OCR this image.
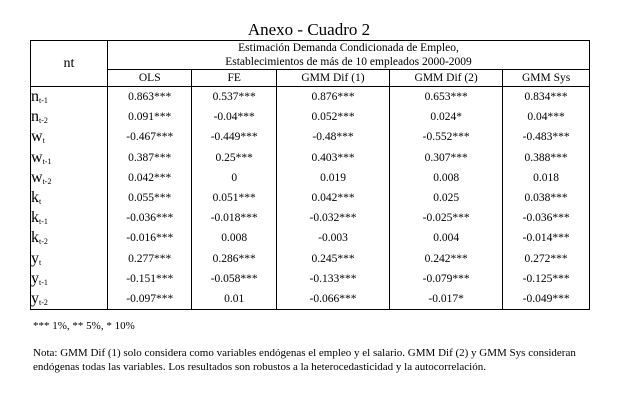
Anexo - Cuadro 2
nt	Estimación Demanda Condicionada de Empleo,
Establecimientos de más de 10 empleados 2000-2009				
	OLS	FE	GMM Dif (1)	GMM Dif (2)	GMM Sys
$n_{t-1}$	0.863***	0.537***	0.876***	0.653***	0.834***
$n_{t-2}$	0.091***	-0.04***	0.052***	0.024*	0.04***
$w_t$	-0.467***	-0.449***	-0.48***	-0.552***	-0.483***
$w_{t-1}$	0.387***	0.25***	0.403***	0.307***	0.388***
$w_{t-2}$	0.042***	0	0.019	0.008	0.018
$k_t$	0.055***	0.051***	0.042***	0.025	0.038***
$k_{t-1}$	-0.036***	-0.018***	-0.032***	-0.025***	-0.036***
$k_{t-2}$	-0.016***	0.008	-0.003	0.004	-0.014***
$y_t$	0.277***	0.286***	0.245***	0.242***	0.272***
$y_{t-1}$	-0.151***	-0.058***	-0.133***	-0.079***	-0.125***
$y_{t-2}$	-0.097***	0.01	-0.066***	-0.017*	-0.049***
*** 1%, ** 5%, * 10%
Nota: GMM Dif (1) solo considera como variables endógenas el empleo y el salario. GMM Dif (2) y GMM Sys consideran endógenas todas las variables. Los resultados son robustos a la heterocedasticidad y la autocorrelación.
